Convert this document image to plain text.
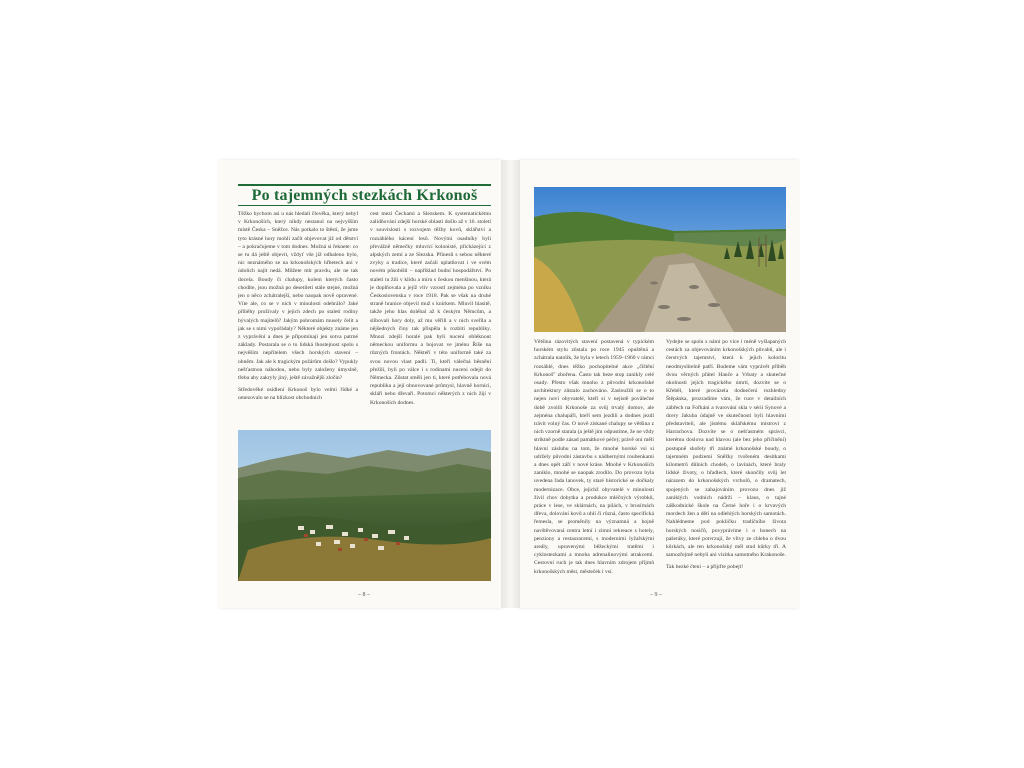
Po tajemných stezkách Krkonoš

Těžko bychom asi u nás hledali člověka, který nebyl v Krkonoších, který nikdy nestanul na nejvyšším místě Česka – Sněžce. Nás potkalo to štěstí, že jsme tyto krásné hory mohli začít objevovat již od dětství – a pokračujeme v tom dodnes. Možná si řeknete: co se tu dá ještě objevit, vždyť vše již odhaleno bylo, nic neznámého se na krkonošských hřbetech ani v údolích najít nedá. Můžete mít pravdu, ale ne tak docela. Boudy či chalupy, kolem kterých často chodíte, jsou možná po desetiletí stále stejné, možná jen o něco zchátralejší, nebo naopak nově opravené. Víte ale, co se v nich v minulosti odehrálo? Jaké příběhy prožívaly v jejich zdech po staletí rodiny bývalých majitelů? Jakým pohromám musely čelit a jak se s nimi vypořádaly? Některé objekty známe jen z vyprávění a dnes je připomínají jen sotva patrné základy. Postarala se o to lidská lhostejnost spolu s nejvěším nepřítelem všech horských stavení – ohněm. Jak ale k tragickým požárům došlo? Vypukly nešťastnou náhodou, nebo byly založeny úmyslně, třeba aby zakryly jiný, ještě závažnější zločin?

Středověké osídlení Krkonoš bylo velmi řídké a omezovalo se na blízkost obchodních

cest mezi Čechami a Slezskem. K systematickému zalidňování zdejší horské oblasti došlo až v 16. století v souvislosti s rozvojem těžby kovů, sklářství a rozsáhlého kácení lesů. Novými osadníky byli převážně němečky mluvící kolonisté, přicházející z alpských zemí a ze Slezska. Přinesli s sebou některé zvyky a tradice, které začali uplatňovat i ve svém novém působišti – například budní hospodářství. Po staletí tu žili v klidu a míru s českou menšinou, která je doplňovala a jejíž vliv vzrostl zejména po vzniku Československa v roce 1918. Pak se však na druhé straně hranice objevil muž s knírkem. Mluvil hlasitě, takže jeho hlas doléhal až k českým Němcům, a slibovali hory doly, až mu věřili a v nich sveřila a nějšedných činy tak přispěla k rozbití republiky. Mnozí zdejší horalé pak byli nuceni obléknout německou uniformu a bojovat ve jménu Říše na různých frontách. Někteří v této uniformě také za svou novou vlast padli. Ti, kteří válečná běsnění přežili, byli po válce i s rodinami nuceni odejít do Německa. Zůstat směli jen ti, které potřebovala nová republika a její obnovované průmysl, hlavně horníci, skláři nebo dřevaři. Potomci některých z nich žijí v Krkonoších dodnes.

Většina rázovitých stavení postavená v typickém horském stylu zůstala po roce 1945 opuštěná a zchátrala natolik, že byla v letech 1959–1960 v rámci rozsáhlé, dnes těžko pochopitelné akce „čištění Krkonoš" zbořena. Často tak beze stop zanikly celé osady. Přesto však mnoho z původní krkonošské architektury zůstalo zachováno. Zasloužili se o to nejen noví obyvatelé, kteří si v nejistě povälečné době zvolili Krkonoše za svůj trvalý domov, ale zejména chalupáři, kteří sem jezdili a dodnes jezdí trávit volný čas. O nově získané chalupy se většina z nich vzorně starala (a ještě jim odpustíme, že ne vždy striktně podle zásad památkové péče); právě oni mělí hlavní zásluhu na tom, že mnohé horské vsi si udržely původní zástavbu s nádhernými roubenkami a dnes opět září v nové kráse. Mnohé v Krkonoších zaniklo, mnohé se naopak zrodilo. Do provozu byla uvedena řada lanovek, ty staré historické se dočkaly modernizace. Obce, jejichž obyvatelé v minulosti živil chov dobytka a produkce mléčných výrobků, práce v lese, ve sklárnách, na pilách, v brusírnách dřeva, dolování kovů a uhlí či různá, často specifická řemesla, se proměnily na významná a hojně navštěvovaná centra letní i zimní rekreace s hotely, penziony a restauracemi, s moderními lyžařskými areály, upravenými běžeckými tratěmi i cyklostezkami a mnoha adrenalinovými atrakcemi. Cestovní ruch je tak dnes hlavním zdrojem příjmů krkonošských měst, městeček i vsí.

Vydejte se spolu s námi po více i méně vyšlapaných cestách za objevováním krkonošských půvabů, ale i čerstvých tajemství, která k jejich koloritu neodmyslitelně patří. Budeme vám vyprávět příběh dvou věrných přátel Hanče a Vrbaty a skutečné okolnosti jejich tragického úmrtí, dozvíte se o Křeběl, které provázela dodnečení rozhledny Štěpánka, prozradíme vám, že ruce v detailních zábřech na Fořkáni a tvarování skla v sérii Synové a dcery Jakuba údajně ve skutečnosti byli hlavními představiteli, ale jistému sklářskému mistrovi z Harrachova. Dozvíte se o nešťastném správci, kterému doslova nad hlavou (ale bez jeho přičinění) postupně shořely tři známé krkonošské boudy, o tajemném podzemí Sněžky tvořeném desítkami kilometrů důlních chodeb, o lavinách, které braly lidské životy, o hřadlech, které skončily svůj let nárazem do krkonošských vrcholů, o dramatech, spojených se zahajováním provozu dnes již zaniklých vodních nádrží – klaus, o tajné záškodnické škole na Černé hoře i o krvavých mordech žen a dětí na odlehlých horských samotách. Nahlédneme pod pokličku tradičního života horských nosičů, povyprávíme i o honech na pašeráky, které potvrzují, že vlivy ze chleba o dvou kůrkách, ale ten krkonošský měl stud kůrky tři. A samozřejmě nebyli ani vizitka samotného Krakonoše.

Tak hezké čtení – a přijďte pobejt!

– 8 –	– 9 –
